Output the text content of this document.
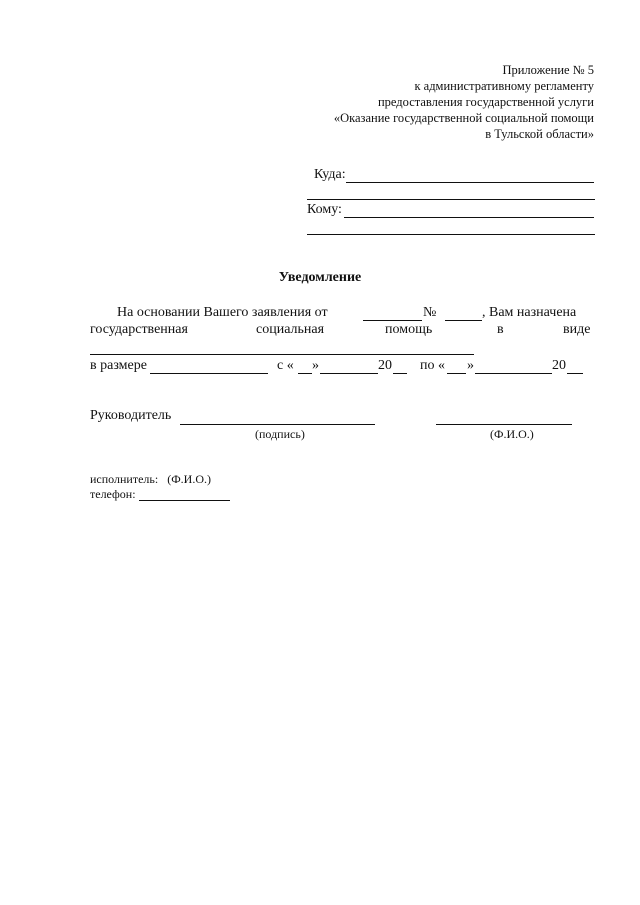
Приложение № 5
к административному регламенту
предоставления государственной услуги
«Оказание государственной социальной помощи
в Тульской области»
Куда:
Кому:
Уведомление
На основании Вашего заявления от	№	, Вам назначена
государственная	социальная	помощь	в	виде
в размере	с « »	20 по « »	20
Руководитель
(подпись)	(Ф.И.О.)
исполнитель:   (Ф.И.О.)
телефон:
